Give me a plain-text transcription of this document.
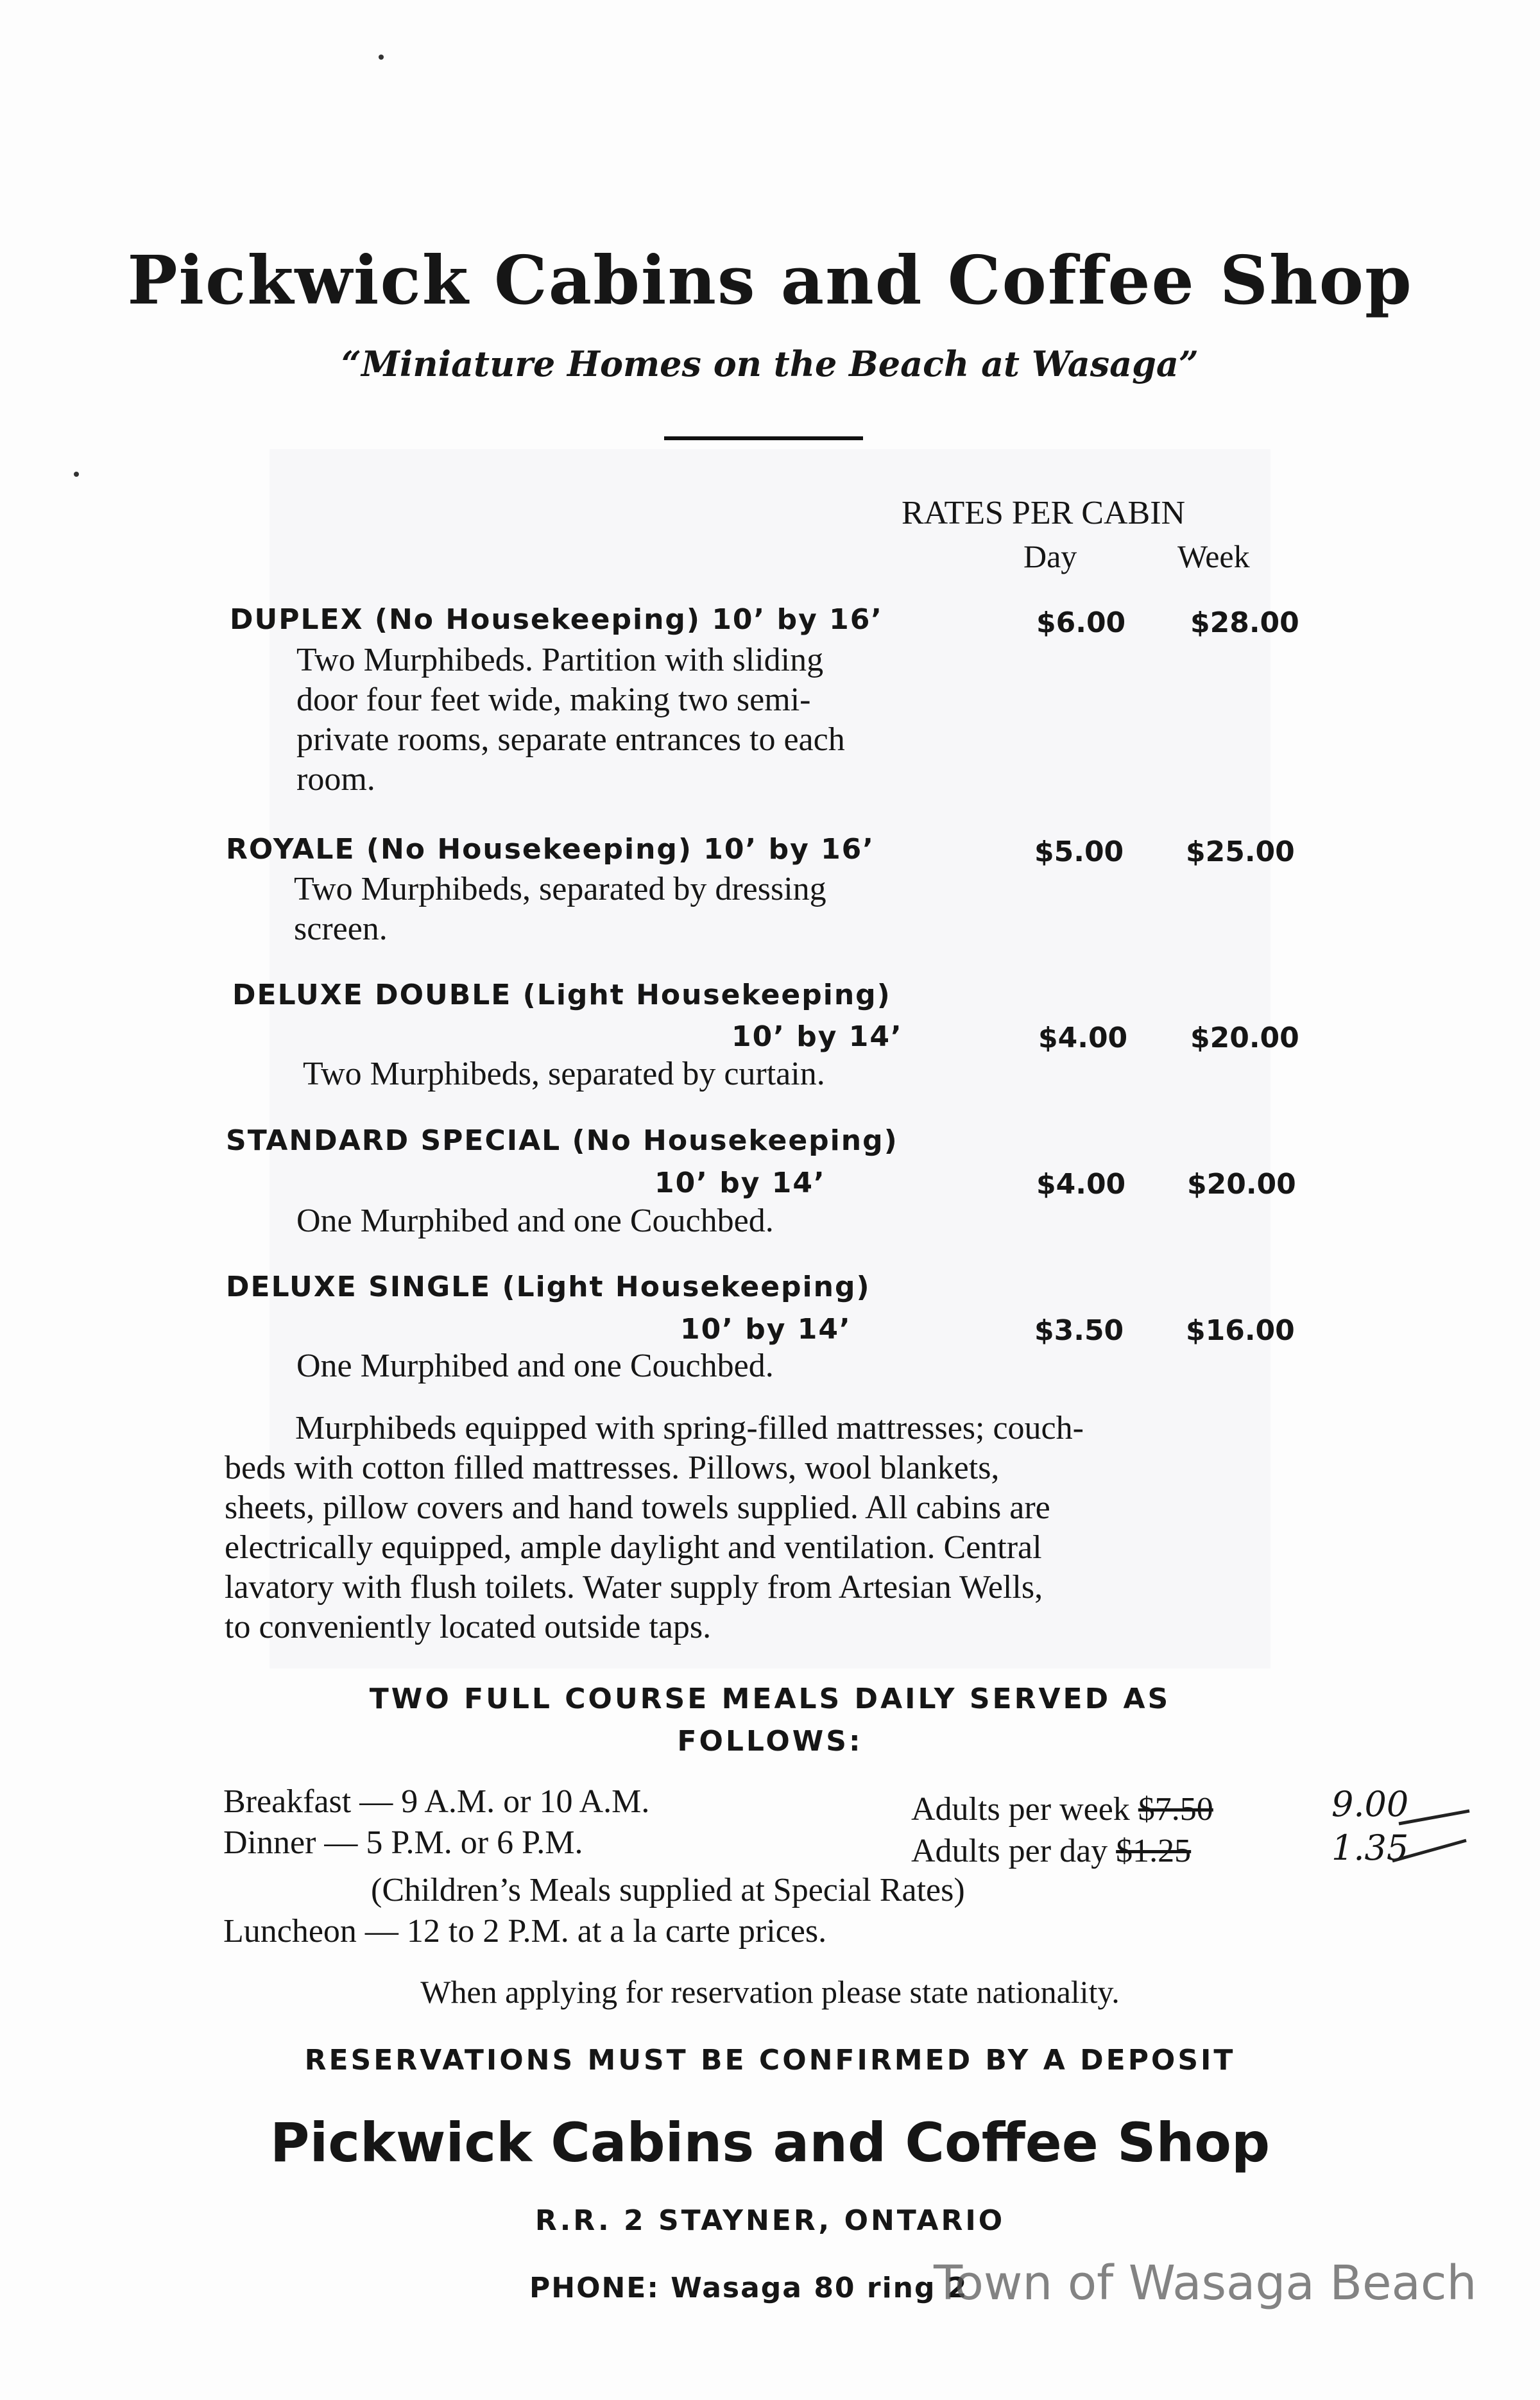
Pickwick Cabins and Coffee Shop
“Miniature Homes on the Beach at Wasaga”
RATES PER CABIN
Day	Week
DUPLEX (No Housekeeping) 10’ by 16’	$6.00 $28.00
Two Murphibeds. Partition with sliding
door four feet wide, making two semi-
private rooms, separate entrances to each
room.
ROYALE (No Housekeeping) 10’ by 16’	$5.00 $25.00
Two Murphibeds, separated by dressing
screen.
DELUXE DOUBLE (Light Housekeeping)
10’ by 14’	$4.00 $20.00
Two Murphibeds, separated by curtain.
STANDARD SPECIAL (No Housekeeping)
10’ by 14’	$4.00 $20.00
One Murphibed and one Couchbed.
DELUXE SINGLE (Light Housekeeping)
10’ by 14’	$3.50 $16.00
One Murphibed and one Couchbed.
Murphibeds equipped with spring-filled mattresses; couch-
beds with cotton filled mattresses. Pillows, wool blankets,
sheets, pillow covers and hand towels supplied. All cabins are
electrically equipped, ample daylight and ventilation. Central
lavatory with flush toilets. Water supply from Artesian Wells,
to conveniently located outside taps.
TWO FULL COURSE MEALS DAILY SERVED AS
FOLLOWS:
Breakfast — 9 A.M. or 10 A.M.
Dinner — 5 P.M. or 6 P.M.
(Children’s Meals supplied at Special Rates)
Luncheon — 12 to 2 P.M. at a la carte prices.
Adults per week $7.50	9.00
Adults per day $1.25	1.35
When applying for reservation please state nationality.
RESERVATIONS MUST BE CONFIRMED BY A DEPOSIT
Pickwick Cabins and Coffee Shop
R.R. 2 STAYNER, ONTARIO
PHONE: Wasaga 80 ring 2
Town of Wasaga Beach
